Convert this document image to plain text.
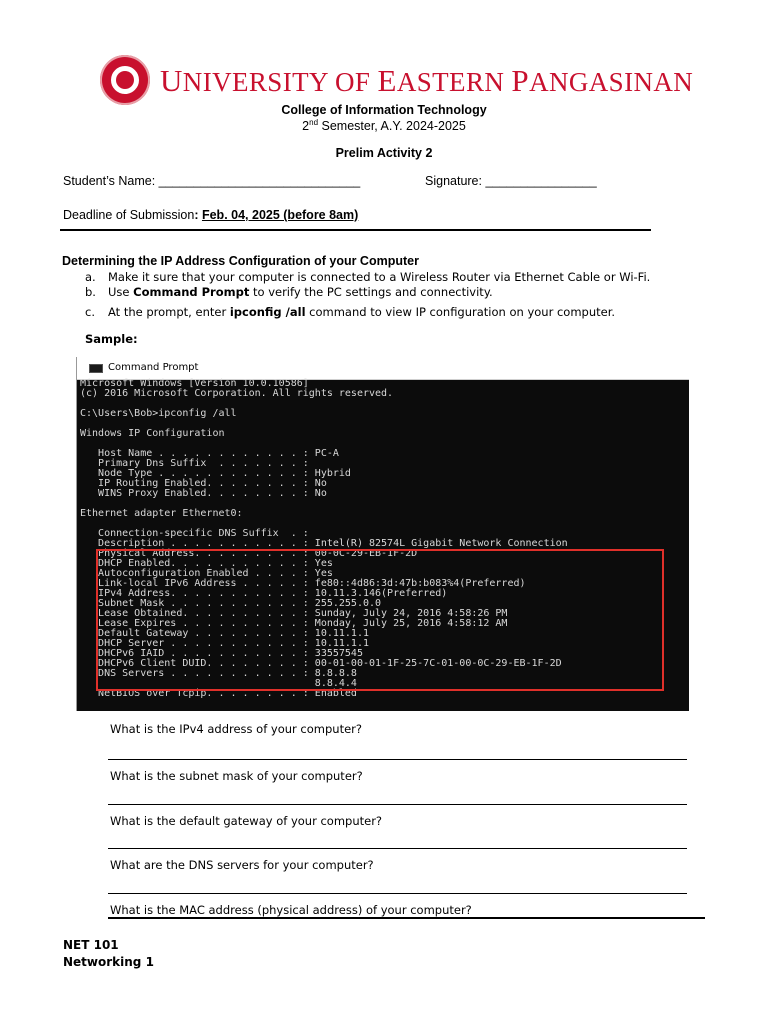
UNIVERSITY OF EASTERN PANGASINAN
College of Information Technology
2nd Semester, A.Y. 2024-2025
Prelim Activity 2
Student’s Name: _____________________________	Signature: ________________
Deadline of Submission: Feb. 04, 2025 (before 8am)
Determining the IP Address Configuration of your Computer
a. Make it sure that your computer is connected to a Wireless Router via Ethernet Cable or Wi-Fi.
b. Use Command Prompt to verify the PC settings and connectivity.
c. At the prompt, enter ipconfig /all command to view IP configuration on your computer.
Sample:
Command Prompt
Microsoft Windows [Version 10.0.10586]
(c) 2016 Microsoft Corporation. All rights reserved.
C:\Users\Bob>ipconfig /all
Windows IP Configuration
Host Name . . . . . . . . . . . . : PC-A
Primary Dns Suffix  . . . . . . . :
Node Type . . . . . . . . . . . . : Hybrid
IP Routing Enabled. . . . . . . . : No
WINS Proxy Enabled. . . . . . . . : No
Ethernet adapter Ethernet0:
Connection-specific DNS Suffix  . :
Description . . . . . . . . . . . : Intel(R) 82574L Gigabit Network Connection
Physical Address. . . . . . . . . : 00-0C-29-EB-1F-2D
DHCP Enabled. . . . . . . . . . . : Yes
Autoconfiguration Enabled . . . . : Yes
Link-local IPv6 Address . . . . . : fe80::4d86:3d:47b:b083%4(Preferred)
IPv4 Address. . . . . . . . . . . : 10.11.3.146(Preferred)
Subnet Mask . . . . . . . . . . . : 255.255.0.0
Lease Obtained. . . . . . . . . . : Sunday, July 24, 2016 4:58:26 PM
Lease Expires . . . . . . . . . . : Monday, July 25, 2016 4:58:12 AM
Default Gateway . . . . . . . . . : 10.11.1.1
DHCP Server . . . . . . . . . . . : 10.11.1.1
DHCPv6 IAID . . . . . . . . . . . : 33557545
DHCPv6 Client DUID. . . . . . . . : 00-01-00-01-1F-25-7C-01-00-0C-29-EB-1F-2D
DNS Servers . . . . . . . . . . . : 8.8.8.8
8.8.4.4
NetBIOS over Tcpip. . . . . . . . : Enabled
What is the IPv4 address of your computer?
What is the subnet mask of your computer?
What is the default gateway of your computer?
What are the DNS servers for your computer?
What is the MAC address (physical address) of your computer?
NET 101
Networking 1
